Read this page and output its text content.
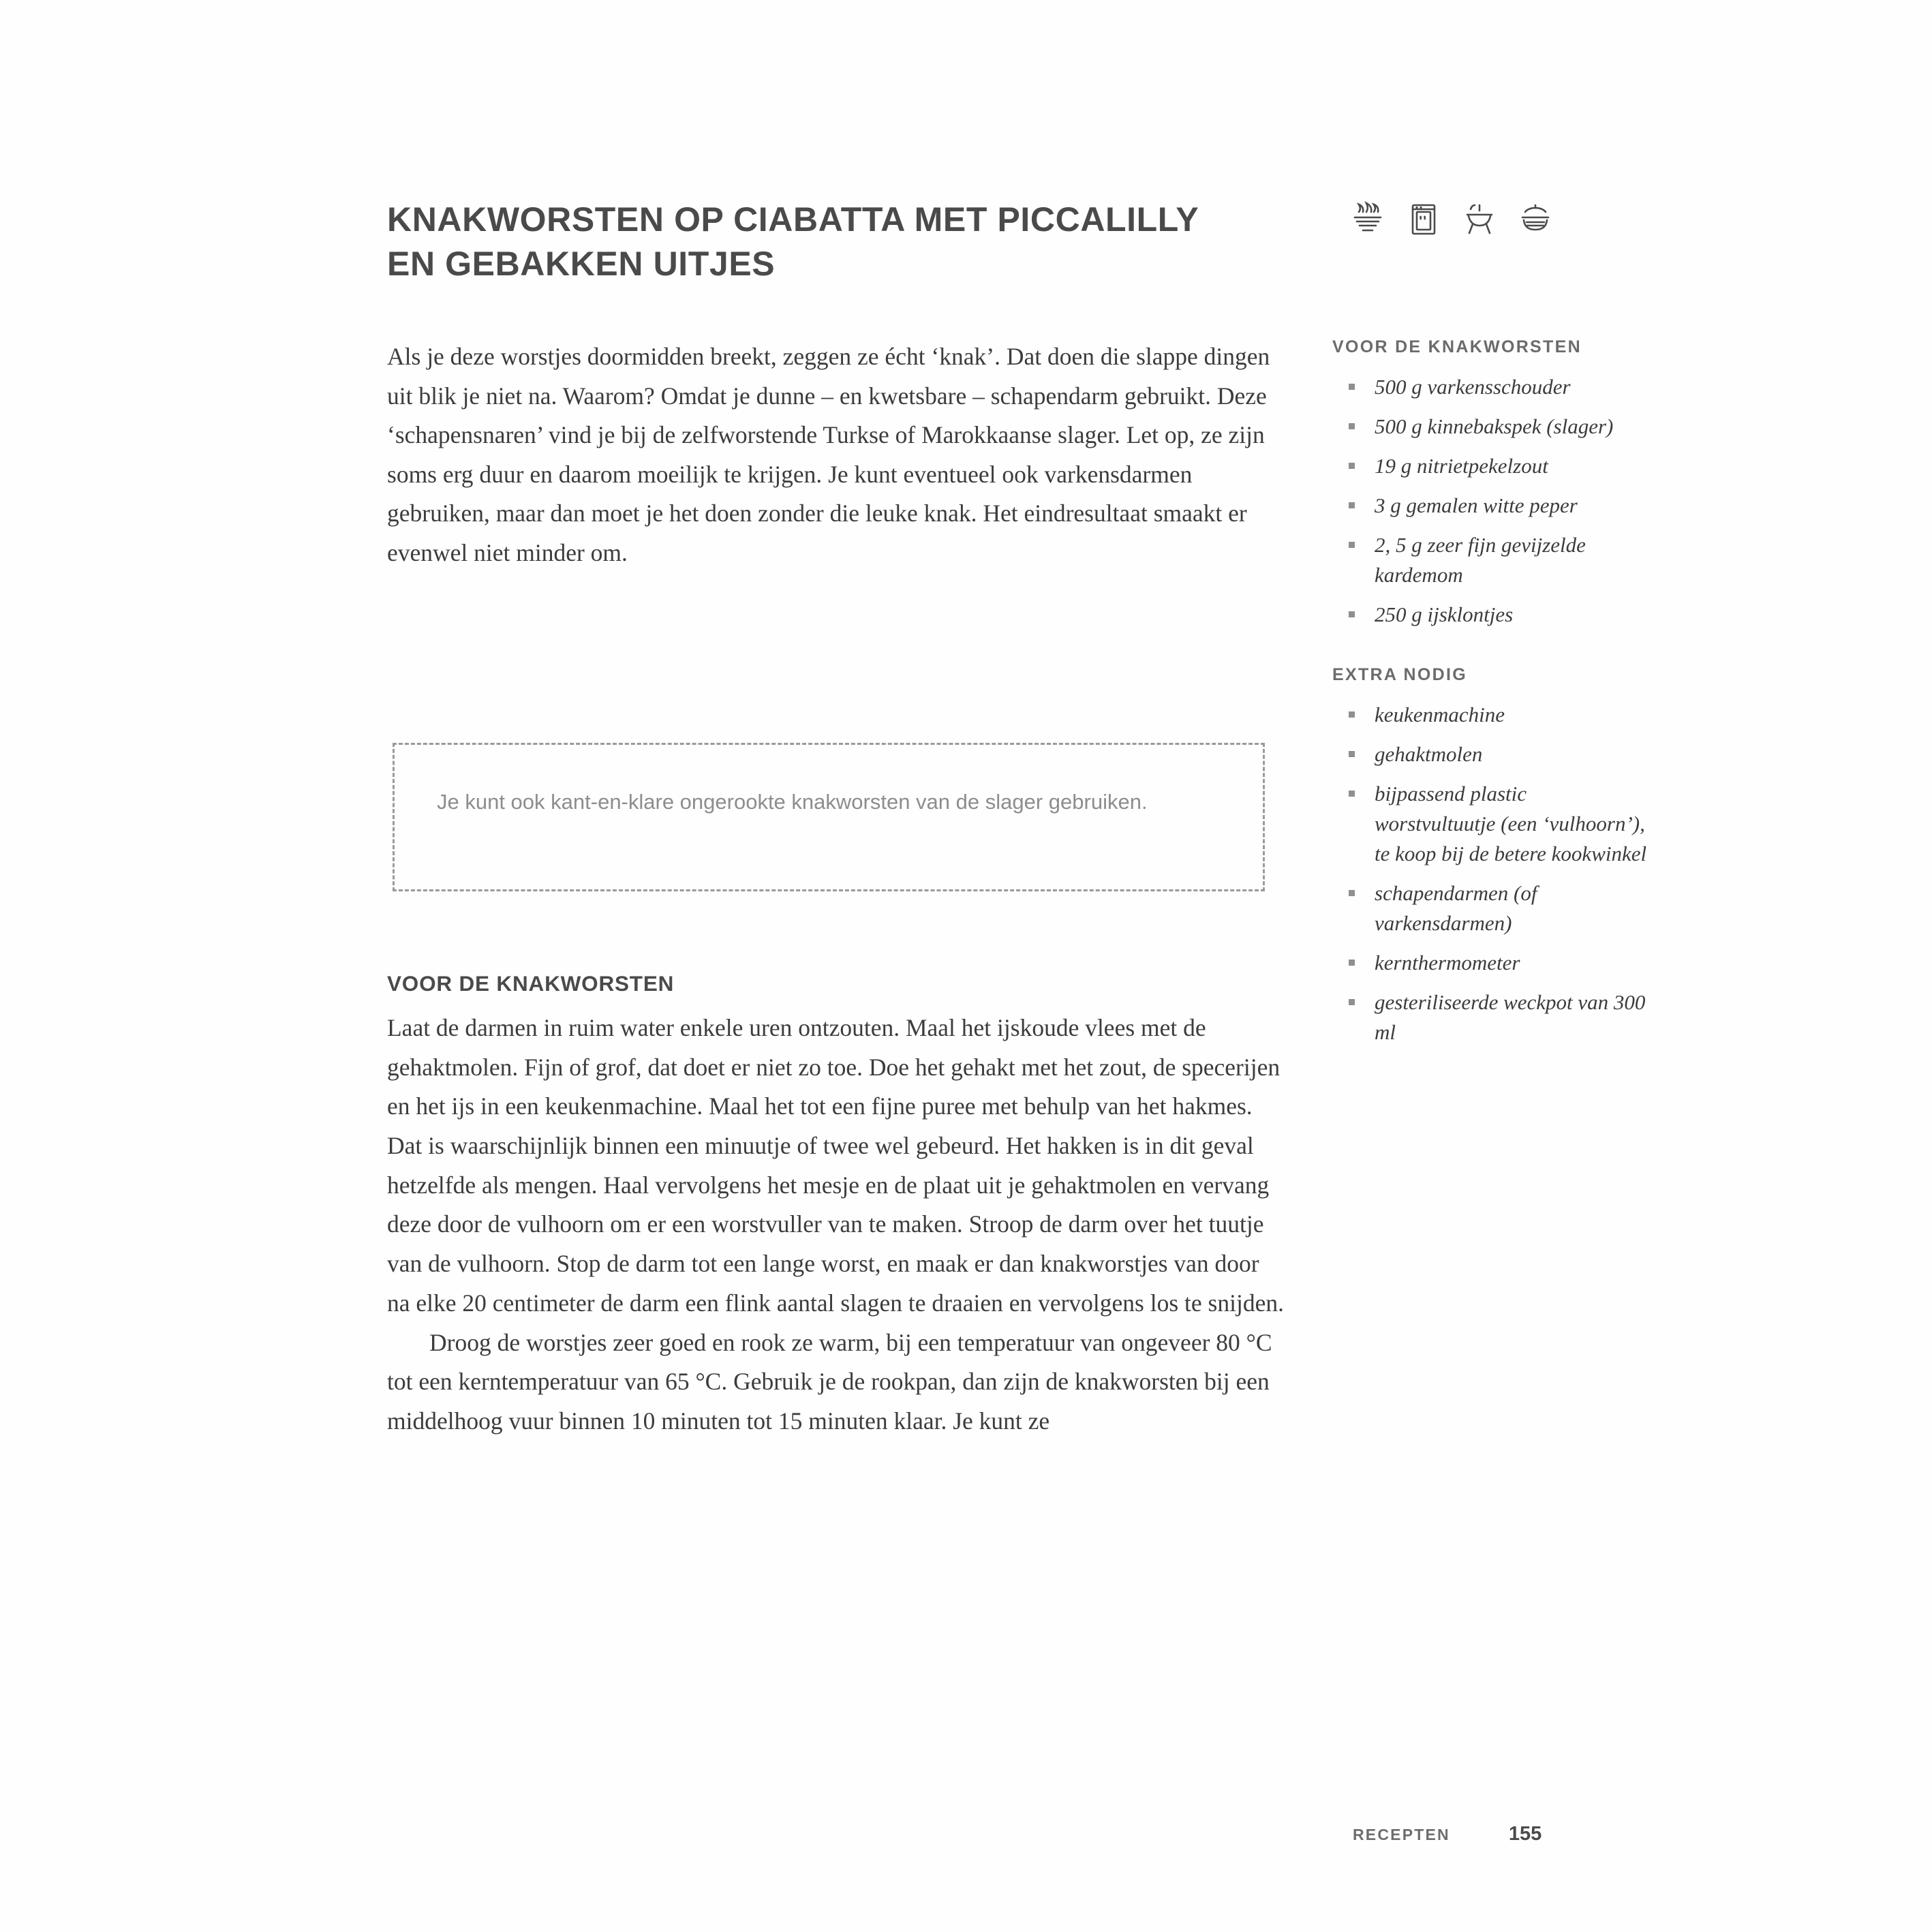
KNAKWORSTEN OP CIABATTA MET PICCALILLY EN GEBAKKEN UITJES

Als je deze worstjes doormidden breekt, zeggen ze écht ‘knak’. Dat doen die slappe dingen uit blik je niet na. Waarom? Omdat je dunne – en kwetsbare – schapendarm gebruikt. Deze ‘schapensnaren’ vind je bij de zelfworstende Turkse of Marokkaanse slager. Let op, ze zijn soms erg duur en daarom moeilijk te krijgen. Je kunt eventueel ook varkensdarmen gebruiken, maar dan moet je het doen zonder die leuke knak. Het eindresultaat smaakt er evenwel niet minder om.

Je kunt ook kant-en-klare ongerookte knakworsten van de slager gebruiken.

VOOR DE KNAKWORSTEN

Laat de darmen in ruim water enkele uren ontzouten. Maal het ijskoude vlees met de gehaktmolen. Fijn of grof, dat doet er niet zo toe. Doe het gehakt met het zout, de specerijen en het ijs in een keukenmachine. Maal het tot een fijne puree met behulp van het hakmes. Dat is waarschijnlijk binnen een minuutje of twee wel gebeurd. Het hakken is in dit geval hetzelfde als mengen. Haal vervolgens het mesje en de plaat uit je gehaktmolen en vervang deze door de vulhoorn om er een worstvuller van te maken. Stroop de darm over het tuutje van de vulhoorn. Stop de darm tot een lange worst, en maak er dan knakworstjes van door na elke 20 centimeter de darm een flink aantal slagen te draaien en vervolgens los te snijden.

Droog de worstjes zeer goed en rook ze warm, bij een temperatuur van ongeveer 80 °C tot een kerntemperatuur van 65 °C. Gebruik je de rookpan, dan zijn de knakworsten bij een middelhoog vuur binnen 10 minuten tot 15 minuten klaar. Je kunt ze

VOOR DE KNAKWORSTEN
500 g varkensschouder
500 g kinnebakspek (slager)
19 g nitrietpekelzout
3 g gemalen witte peper
2, 5 g zeer fijn gevijzelde kardemom
250 g ijsklontjes
EXTRA NODIG
keukenmachine
gehaktmolen
bijpassend plastic worstvultuutje (een ‘vulhoorn’), te koop bij de betere kookwinkel
schapendarmen (of varkensdarmen)
kernthermometer
gesteriliseerde weckpot van 300 ml
RECEPTEN	155
